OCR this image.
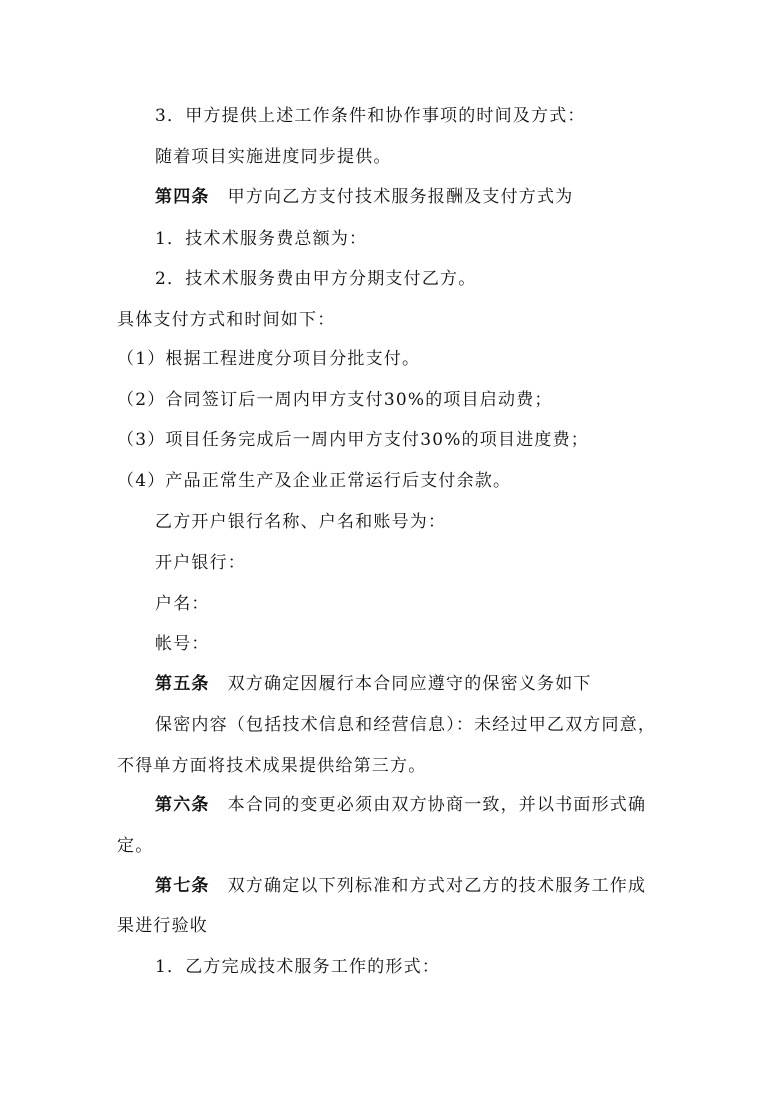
3．甲方提供上述工作条件和协作事项的时间及方式：
随着项目实施进度同步提供。
第四条 甲方向乙方支付技术服务报酬及支付方式为
1．技术术服务费总额为：
2．技术术服务费由甲方分期支付乙方。
具体支付方式和时间如下：
（1）根据工程进度分项目分批支付。
（2）合同签订后一周内甲方支付30%的项目启动费；
（3）项目任务完成后一周内甲方支付30%的项目进度费；
（4）产品正常生产及企业正常运行后支付余款。
乙方开户银行名称、户名和账号为：
开户银行：
户名：
帐号：
第五条 双方确定因履行本合同应遵守的保密义务如下
保密内容（包括技术信息和经营信息）：未经过甲乙双方同意，
不得单方面将技术成果提供给第三方。
第六条 本合同的变更必须由双方协商一致，并以书面形式确
定。
第七条 双方确定以下列标准和方式对乙方的技术服务工作成
果进行验收
1．乙方完成技术服务工作的形式：
